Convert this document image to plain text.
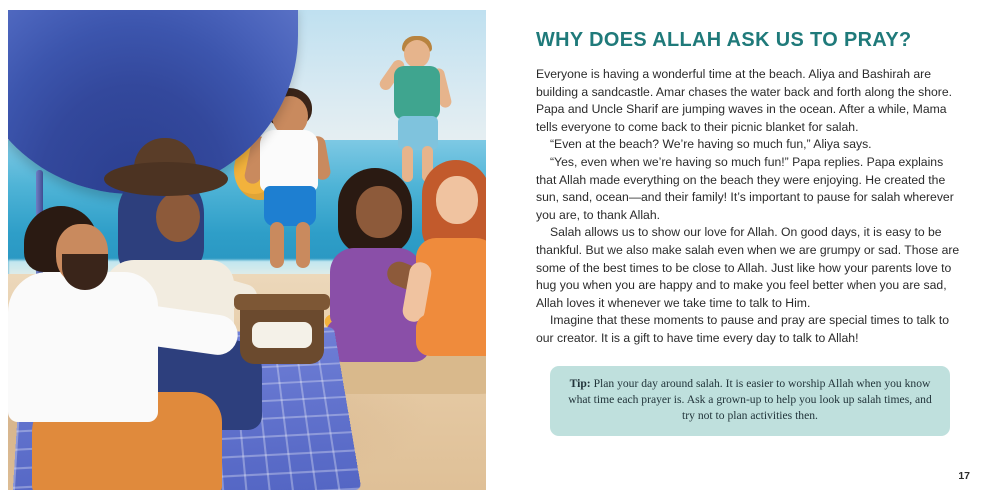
WHY DOES ALLAH ASK US TO PRAY?

Everyone is having a wonderful time at the beach. Aliya and Bashirah are building a sandcastle. Amar chases the water back and forth along the shore. Papa and Uncle Sharif are jumping waves in the ocean. After a while, Mama tells everyone to come back to their picnic blanket for salah.

“Even at the beach? We’re having so much fun,” Aliya says.

“Yes, even when we’re having so much fun!” Papa replies. Papa explains that Allah made everything on the beach they were enjoying. He created the sun, sand, ocean—and their family! It’s important to pause for salah wherever you are, to thank Allah.

Salah allows us to show our love for Allah. On good days, it is easy to be thankful. But we also make salah even when we are grumpy or sad. Those are some of the best times to be close to Allah. Just like how your parents love to hug you when you are happy and to make you feel better when you are sad, Allah loves it whenever we take time to talk to Him.

Imagine that these moments to pause and pray are special times to talk to our creator. It is a gift to have time every day to talk to Allah!

Tip: Plan your day around salah. It is easier to worship Allah when you know what time each prayer is. Ask a grown-up to help you look up salah times, and try not to plan activities then.
17
